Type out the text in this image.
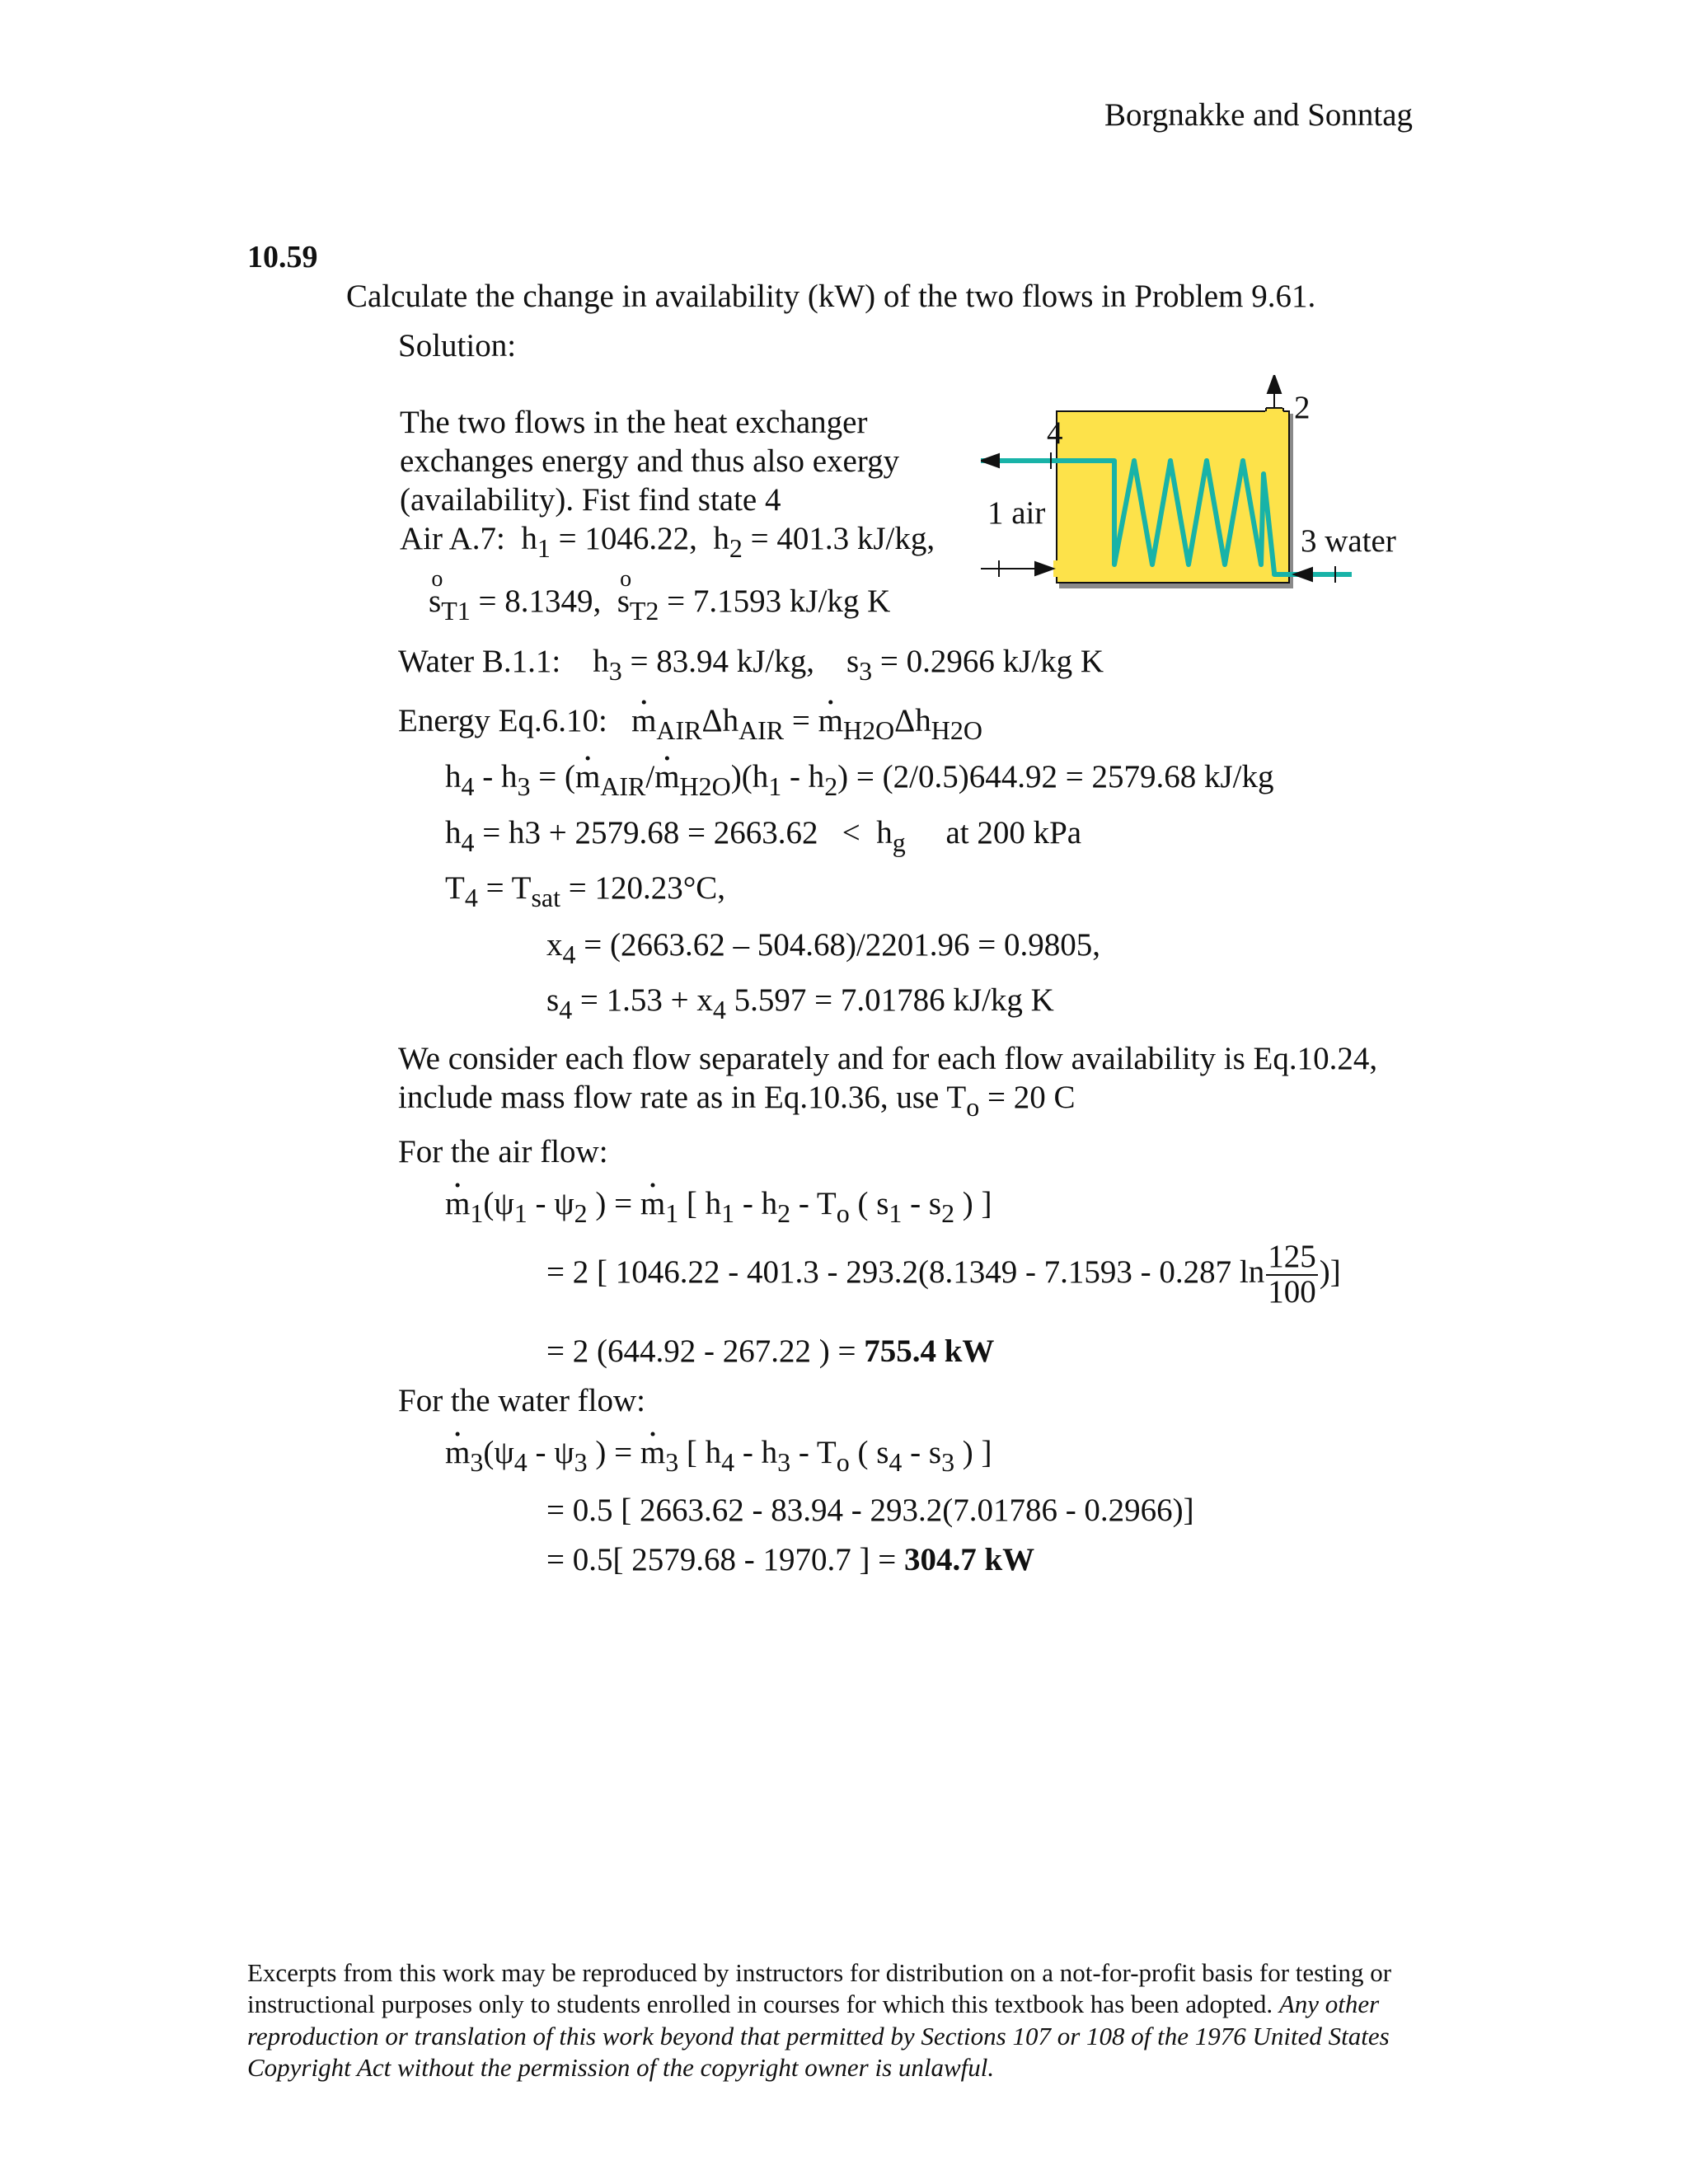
Borgnakke and Sonntag
10.59
Calculate the change in availability (kW) of the two flows in Problem 9.61.
Solution:
The two flows in the heat exchanger
exchanges energy and thus also exergy
(availability). Fist find state 4
Air A.7:  $h_1 = 1046.22$,  $h_2 = 401.3$ kJ/kg,
o $s_{T1} = 8.1349$,  o $s_{T2} = 7.1593$ kJ/kg K
Water B.1.1:    $h_3 = 83.94$ kJ/kg,    $s_3 = 0.2966$ kJ/kg K
Energy Eq.6.10:   • $m_{AIR}\Delta h_{AIR}$ = • $m_{H2O}\Delta h_{H2O}$
$h_4 - h_3$ = (• $m_{AIR}/•$ $m_{H2O})(h_1 - h_2) = (2/0.5)644.92 = 2579.68$ kJ/kg
$h_4 = h3 + 2579.68 = 2663.62 < h_g$ at 200 kPa
$T_4 = T_{sat} = 120.23^\circ C$,
$x_4 = (2663.62 - 504.68)/2201.96 = 0.9805$,
$s_4 = 1.53 + x_4$ 5.597 = 7.01786 kJ/kg K
We consider each flow separately and for each flow availability is Eq.10.24,
include mass flow rate as in Eq.10.36, use $T_o = 20$ C
For the air flow:
• $m_1(\psi_1 - \psi_2$ ) = • $m_1$ [ $h_1 - h_2 - T_o$ ( $s_1 - s_2$ ) ]
= 2 [ 1046.22 - 401.3 - 293.2(8.1349 - 7.1593 - 0.287 $\ln \frac{125}{100}$ )]
= 2 (644.92 - 267.22 ) = 755.4 kW
For the water flow:
• $m_3(\psi_4 - \psi_3$ ) = • $m_3$ [ $h_4 - h_3 - T_o$ ( $s_4 - s_3$ ) ]
= 0.5 [ 2663.62 - 83.94 - 293.2(7.01786 - 0.2966)]
= 0.5[ 2579.68 - 1970.7 ] = 304.7 kW
2
4
1 air
3 water
Excerpts from this work may be reproduced by instructors for distribution on a not-for-profit basis for testing or instructional purposes only to students enrolled in courses for which this textbook has been adopted. Any other reproduction or translation of this work beyond that permitted by Sections 107 or 108 of the 1976 United States Copyright Act without the permission of the copyright owner is unlawful.
